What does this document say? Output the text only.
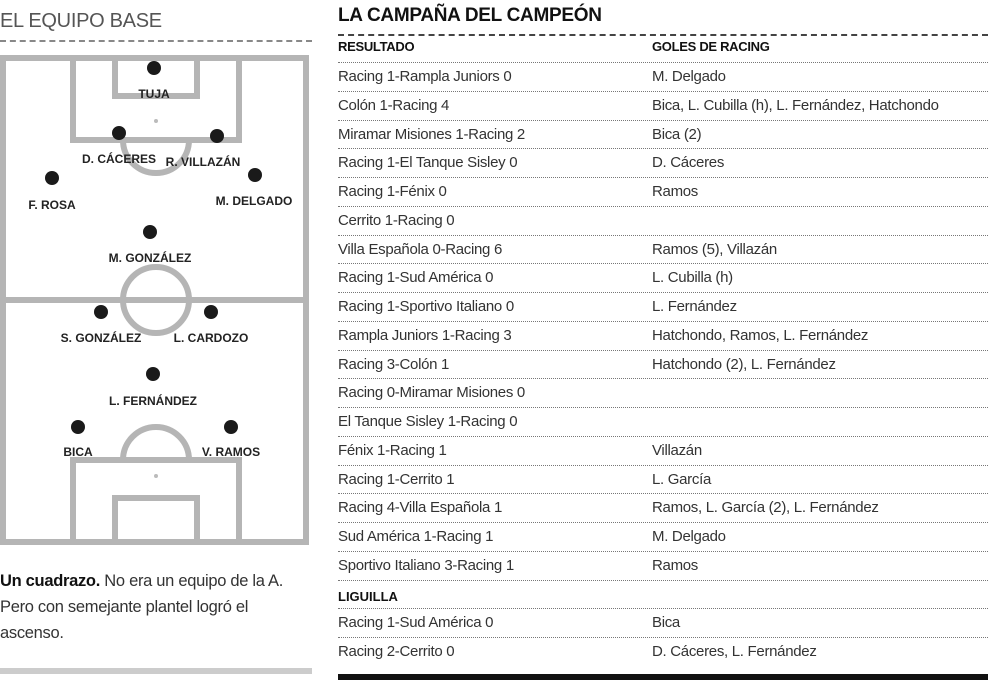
EL EQUIPO BASE
TUJA
D. CÁCERES R. VILLAZÁN
F. ROSA	M. DELGADO
M. GONZÁLEZ
S. GONZÁLEZ	L. CARDOZO
L. FERNÁNDEZ
BICA	V. RAMOS
Un cuadrazo. No era un equipo de la A. Pero con semejante plantel logró el ascenso.
LA CAMPAÑA DEL CAMPEÓN
RESULTADO	GOLES DE RACING
Racing 1-Rampla Juniors 0	M. Delgado
Colón 1-Racing 4	Bica, L. Cubilla (h), L. Fernández, Hatchondo
Miramar Misiones 1-Racing 2	Bica (2)
Racing 1-El Tanque Sisley 0	D. Cáceres
Racing 1-Fénix 0	Ramos
Cerrito 1-Racing 0
Villa Española 0-Racing 6	Ramos (5), Villazán
Racing 1-Sud América 0	L. Cubilla (h)
Racing 1-Sportivo Italiano 0	L. Fernández
Rampla Juniors 1-Racing 3	Hatchondo, Ramos, L. Fernández
Racing 3-Colón 1	Hatchondo (2), L. Fernández
Racing 0-Miramar Misiones 0
El Tanque Sisley 1-Racing 0
Fénix 1-Racing 1	Villazán
Racing 1-Cerrito 1	L. García
Racing 4-Villa Española 1	Ramos, L. García (2), L. Fernández
Sud América 1-Racing 1	M. Delgado
Sportivo Italiano 3-Racing 1	Ramos
LIGUILLA
Racing 1-Sud América 0	Bica
Racing 2-Cerrito 0	D. Cáceres, L. Fernández
